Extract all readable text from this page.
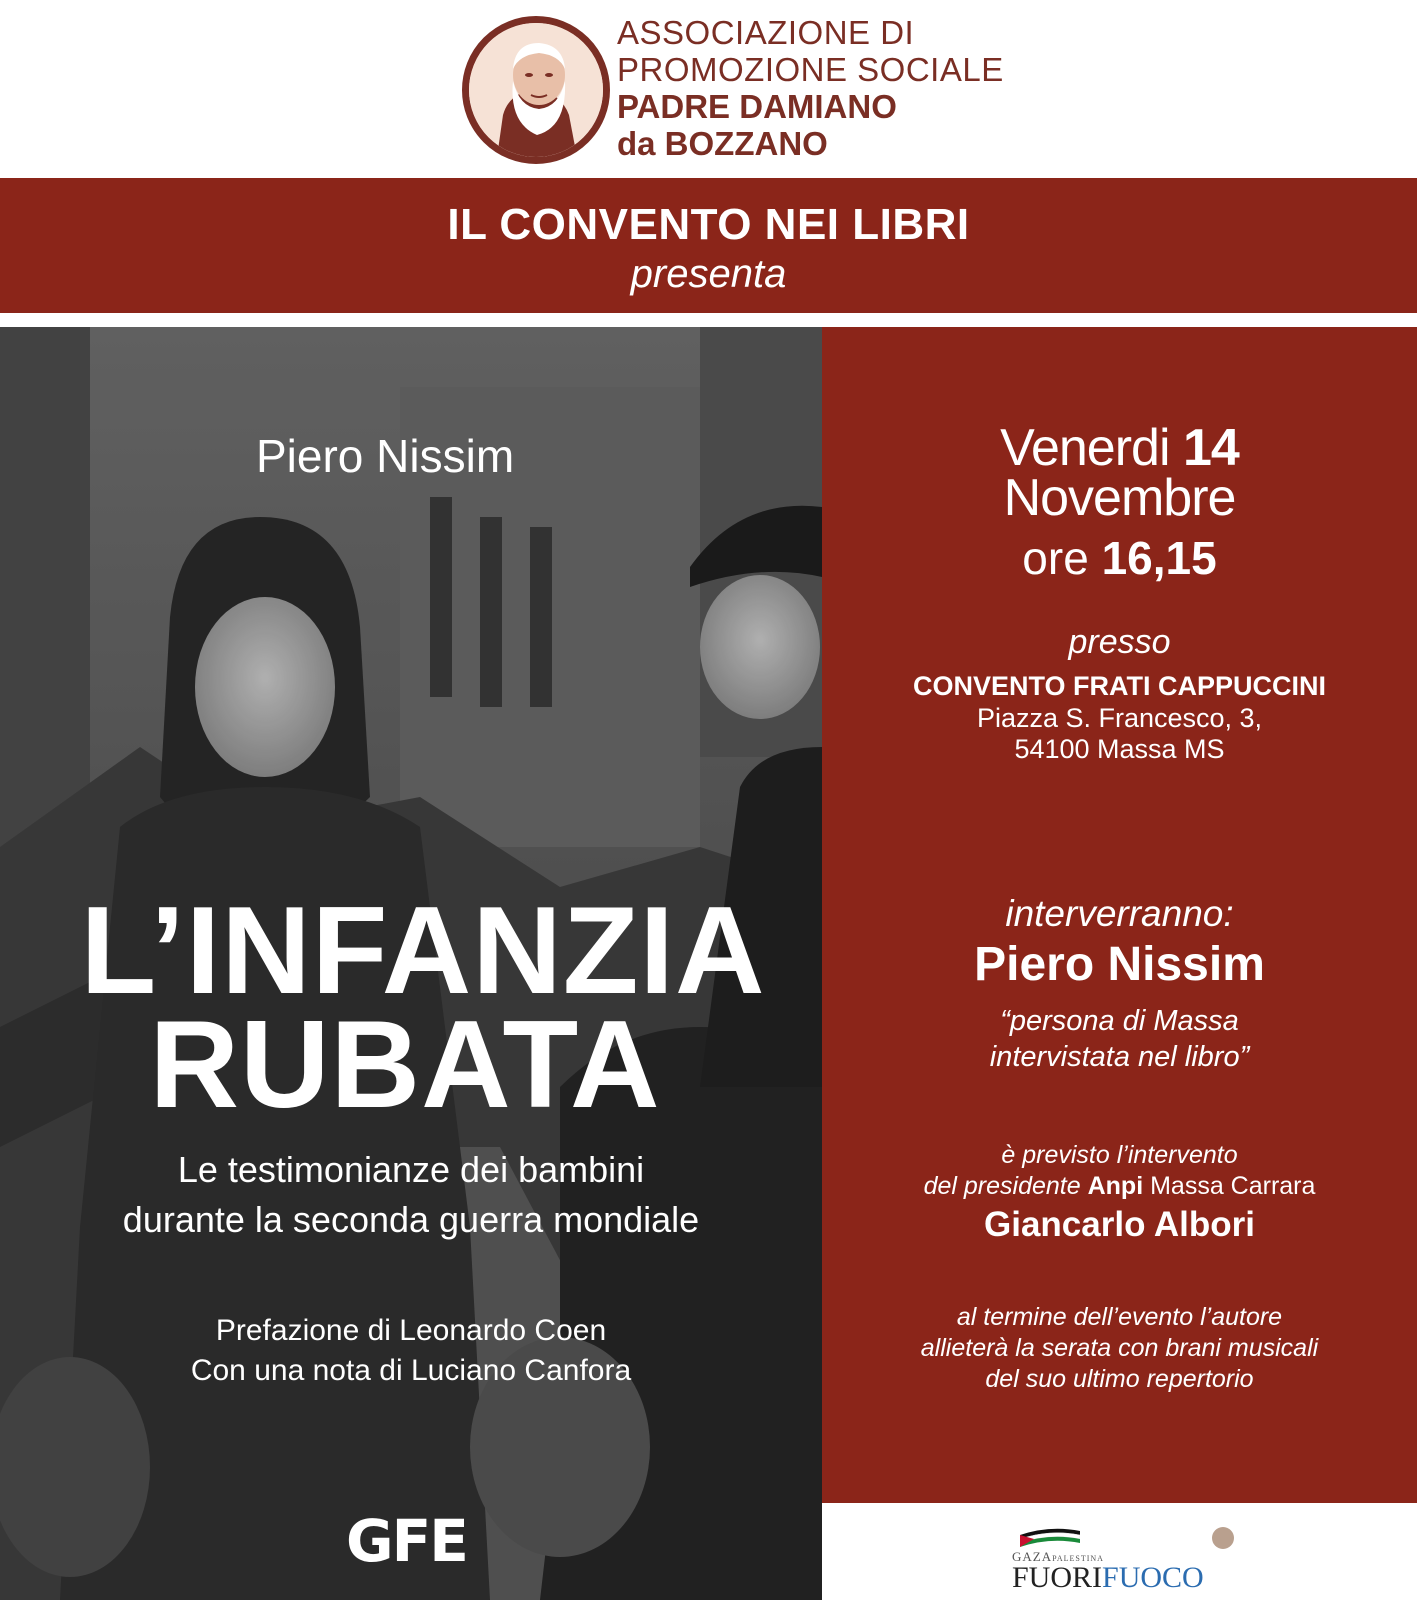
ASSOCIAZIONE DI
PROMOZIONE SOCIALE
PADRE DAMIANO
da BOZZANO
IL CONVENTO NEI LIBRI
presenta
Piero Nissim
L’INFANZIA
RUBATA
Le testimonianze dei bambini
durante la seconda guerra mondiale
Prefazione di Leonardo Coen
Con una nota di Luciano Canfora
GFE
Venerdi 14
Novembre
ore 16,15
presso
CONVENTO FRATI CAPPUCCINI
Piazza S. Francesco, 3,
54100 Massa MS
interverranno:
Piero Nissim
“persona di Massa
intervistata nel libro”
è previsto l’intervento
del presidente Anpi Massa Carrara
Giancarlo Albori
al termine dell’evento l’autore
allieterà la serata con brani musicali
del suo ultimo repertorio
GAZAPALESTINA
FUORIFUOCO
